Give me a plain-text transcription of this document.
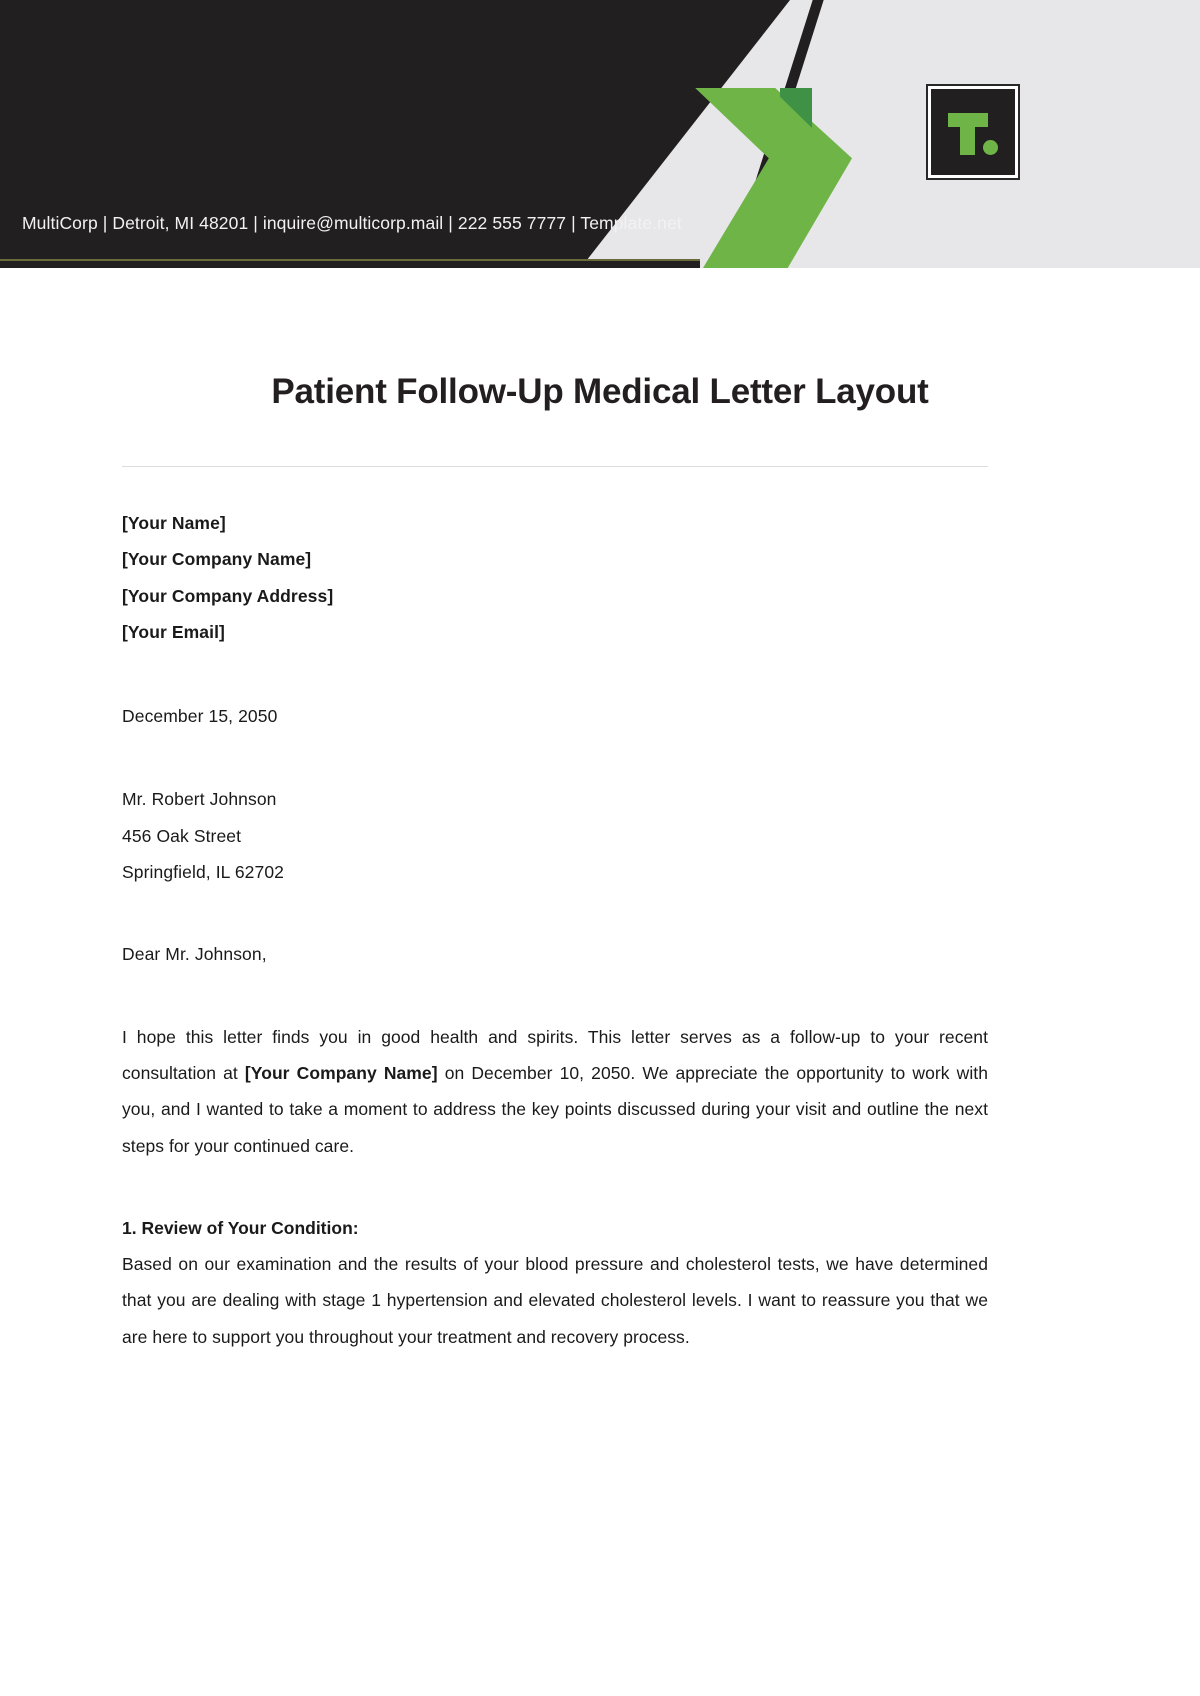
MultiCorp | Detroit, MI 48201 | inquire@multicorp.mail | 222 555 7777 | Template.net
Patient Follow-Up Medical Letter Layout
[Your Name]
[Your Company Name]
[Your Company Address]
[Your Email]
December 15, 2050
Mr. Robert Johnson
456 Oak Street
Springfield, IL 62702
Dear Mr. Johnson,

I hope this letter finds you in good health and spirits. This letter serves as a follow-up to your recent consultation at [Your Company Name] on December 10, 2050. We appreciate the opportunity to work with you, and I wanted to take a moment to address the key points discussed during your visit and outline the next steps for your continued care.

1. Review of Your Condition:

Based on our examination and the results of your blood pressure and cholesterol tests, we have determined that you are dealing with stage 1 hypertension and elevated cholesterol levels. I want to reassure you that we are here to support you throughout your treatment and recovery process.
